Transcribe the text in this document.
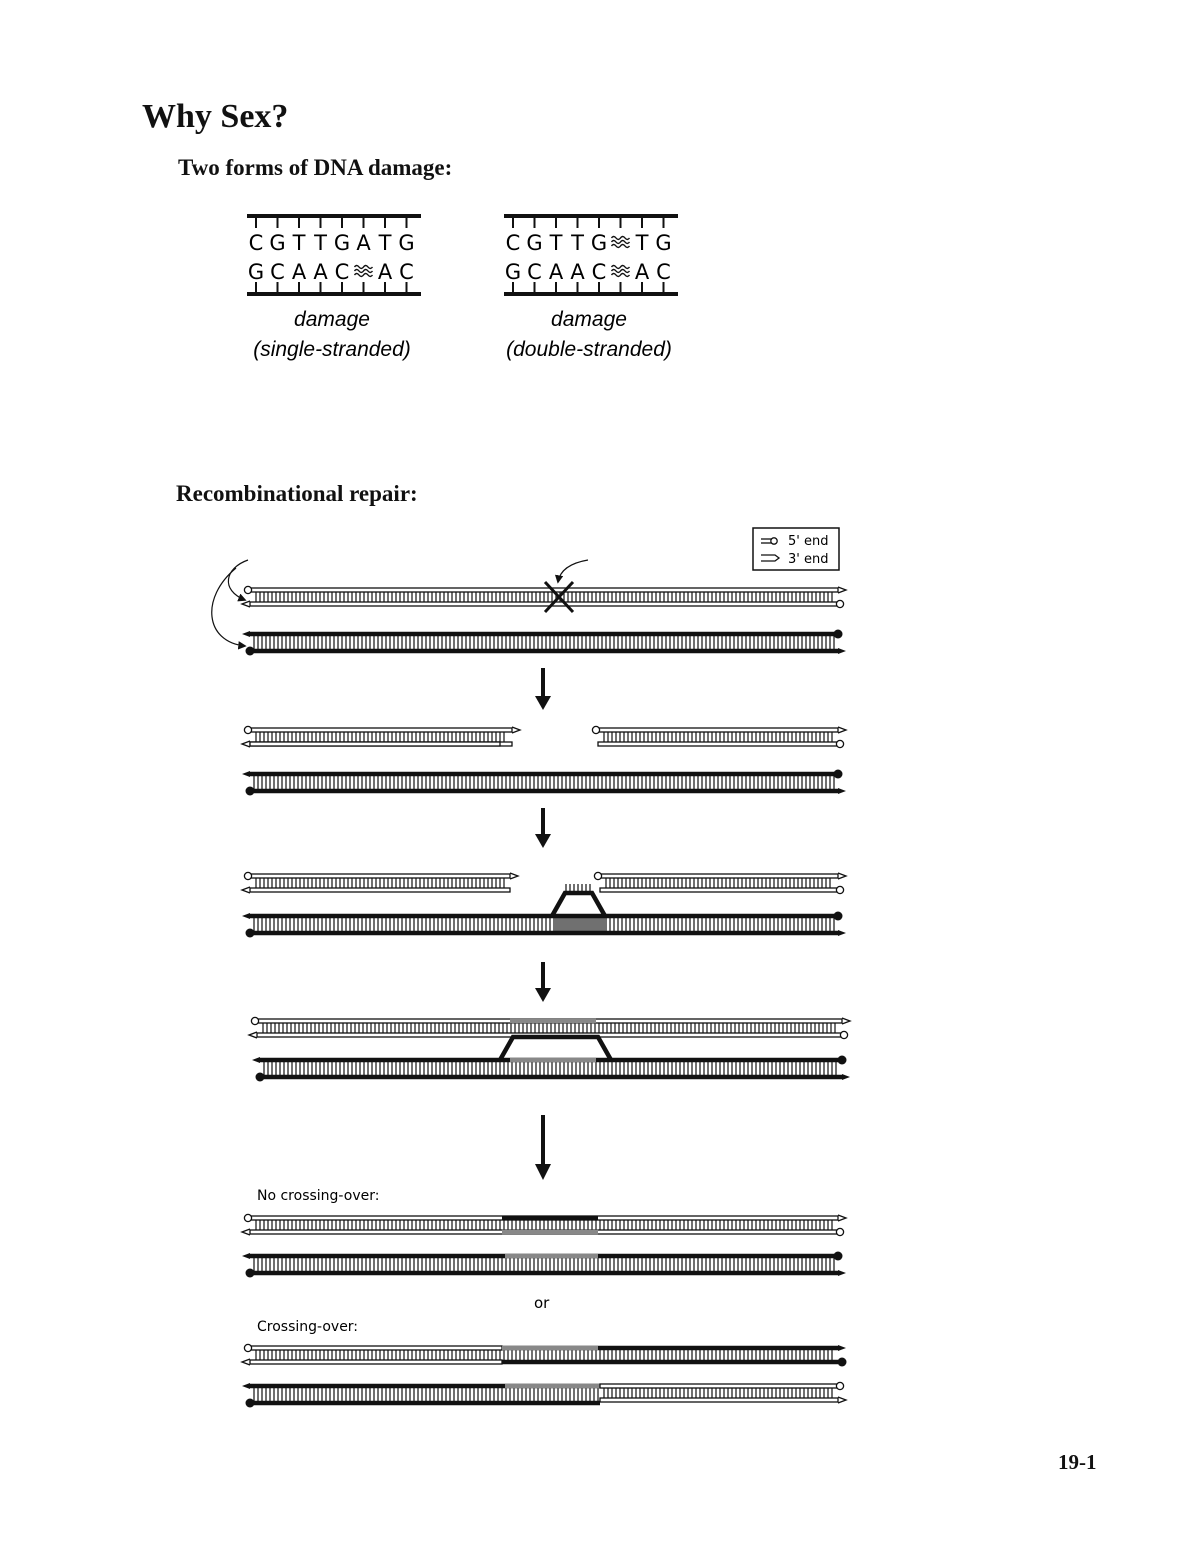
Why Sex?
Two forms of DNA damage:
Recombinational repair:
19-1
C G T T G A T G
G C A A C A C
damage
(single-stranded)
C G T T G T G
G C A A C A C
damage
(double-stranded)
5' end
3' end
No crossing-over:
or
Crossing-over:
